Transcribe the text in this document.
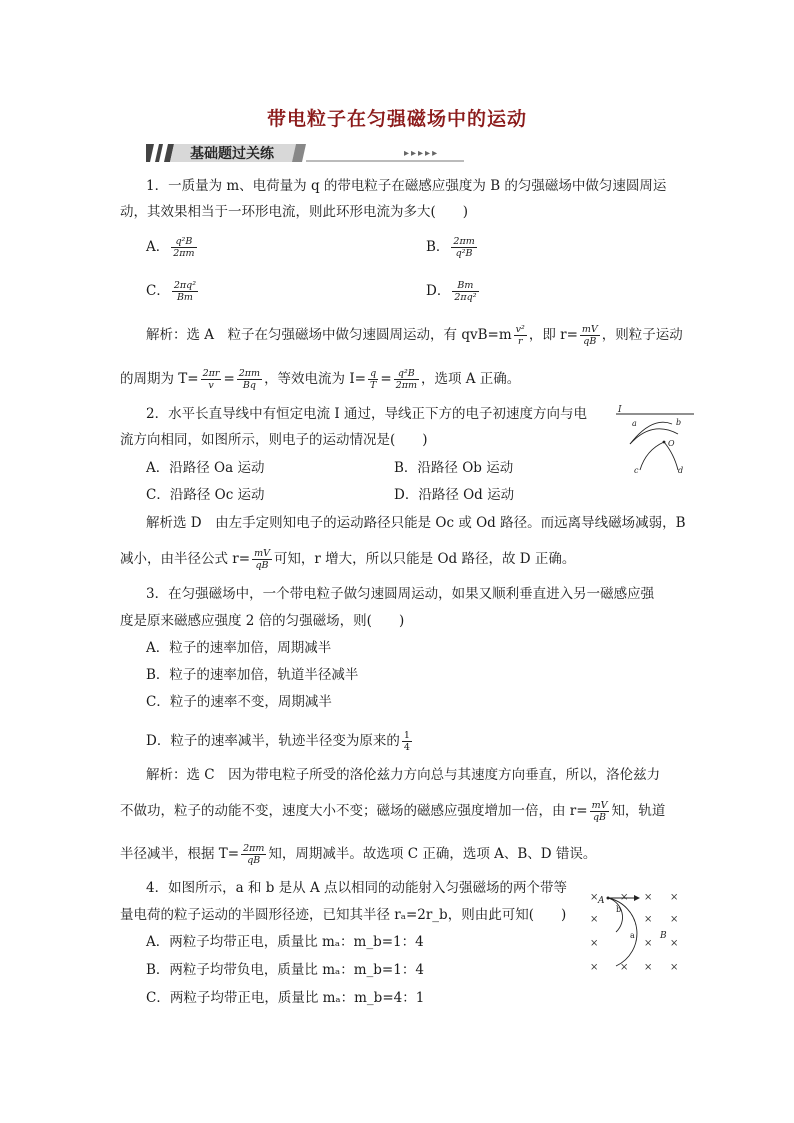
带电粒子在匀强磁场中的运动
基础题过关练	▸▸▸▸▸
1．一质量为 m、电荷量为 q 的带电粒子在磁感应强度为 B 的匀强磁场中做匀速圆周运
动，其效果相当于一环形电流，则此环形电流为多大(　　)
A． $\frac{\text{q²B}}{2\pi m}$	B． $\frac{2\pi m}{\text{q²B}}$
C． $\frac{\text{2πq²}}{Bm}$	D． $\frac{Bm}{\text{2πq²}}$
解析：选 A　粒子在匀强磁场中做匀速圆周运动，有 $qvB=m \frac{\text{v²}}{r}$ ，即 $r= \frac{mV}{qB}$ ，则粒子运动
的周期为 $T= \frac{2\pi r}{v} = \frac{2\pi m}{Bq}$ ，等效电流为 $I= \frac{q}{T} = \frac{\text{q²B}}{2\pi m}$ ，选项 A 正确。
2．水平长直导线中有恒定电流 I 通过，导线正下方的电子初速度方向与电
流方向相同，如图所示，则电子的运动情况是(　　)
A．沿路径 Oa 运动	B．沿路径 Ob 运动
C．沿路径 Oc 运动	D．沿路径 Od 运动
解析选 D　由左手定则知电子的运动路径只能是 Oc 或 Od 路径。而远离导线磁场减弱，B
减小，由半径公式 $r= \frac{mV}{qB}$ 可知，r 增大，所以只能是 Od 路径，故 D 正确。
I
a	b
O
c	d
3．在匀强磁场中，一个带电粒子做匀速圆周运动，如果又顺利垂直进入另一磁感应强
度是原来磁感应强度 2 倍的匀强磁场，则(　　)
A．粒子的速率加倍，周期减半
B．粒子的速率加倍，轨道半径减半
C．粒子的速率不变，周期减半
D．粒子的速率减半，轨迹半径变为原来的 $\frac{1}{4}$
解析：选 C　因为带电粒子所受的洛伦兹力方向总与其速度方向垂直，所以，洛伦兹力
不做功，粒子的动能不变，速度大小不变；磁场的磁感应强度增加一倍，由 $r= \frac{mV}{qB}$ 知，轨道
半径减半，根据 $T= \frac{2\pi m}{qB}$ 知，周期减半。故选项 C 正确，选项 A、B、D 错误。
4．如图所示，a 和 b 是从 A 点以相同的动能射入匀强磁场的两个带等
量电荷的粒子运动的半圆形径迹，已知其半径 rₐ=2r_b，则由此可知(　　)
A．两粒子均带正电，质量比 mₐ：m_b=1：4
B．两粒子均带负电，质量比 mₐ：m_b=1：4
C．两粒子均带正电，质量比 mₐ：m_b=4：1
× × × ×
×	× ×
×	× ×
× × × ×
A
b
a	B
